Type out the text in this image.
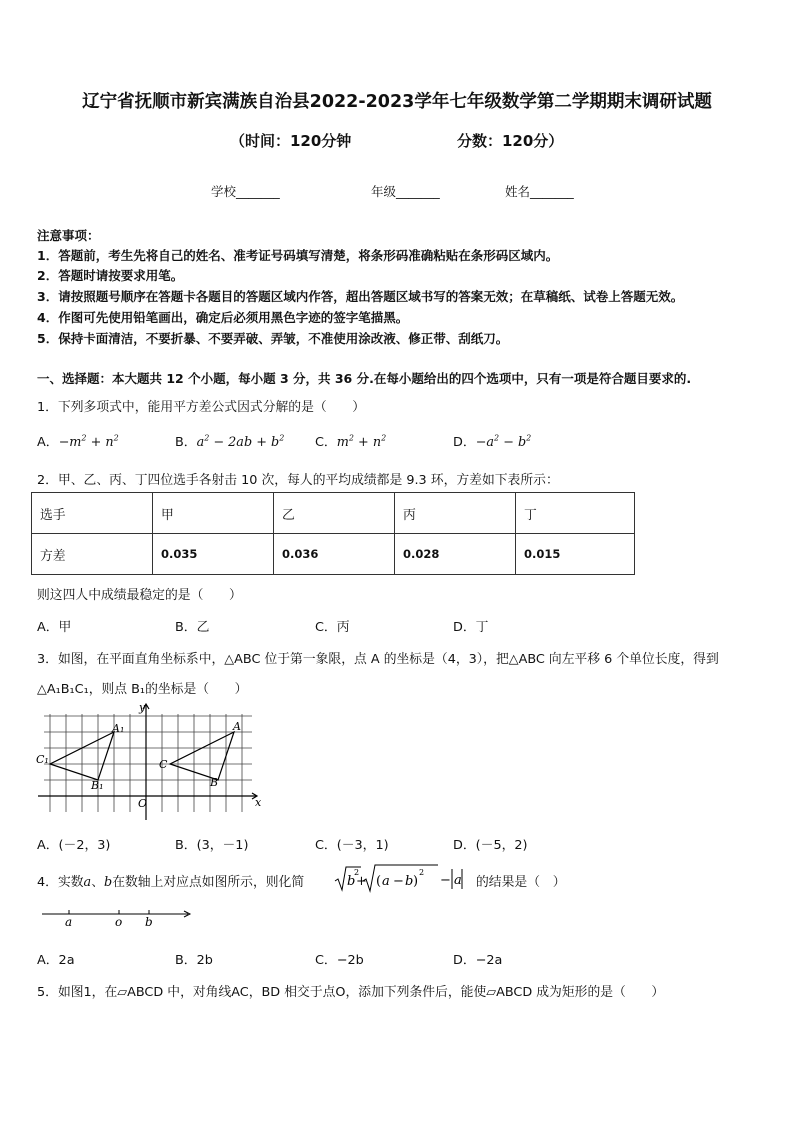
辽宁省抚顺市新宾满族自治县2022-2023学年七年级数学第二学期期末调研试题
（时间：120分钟	分数：120分）
学校_______	年级_______	姓名_______
注意事项：
1．答题前，考生先将自己的姓名、准考证号码填写清楚，将条形码准确粘贴在条形码区域内。
2．答题时请按要求用笔。
3．请按照题号顺序在答题卡各题目的答题区域内作答，超出答题区域书写的答案无效；在草稿纸、试卷上答题无效。
4．作图可先使用铅笔画出，确定后必须用黑色字迹的签字笔描黑。
5．保持卡面清洁，不要折暴、不要弄破、弄皱，不准使用涂改液、修正带、刮纸刀。
一、选择题：本大题共 12 个小题，每小题 3 分，共 36 分.在每小题给出的四个选项中，只有一项是符合题目要求的.
1．下列多项式中，能用平方差公式因式分解的是（　　）
A．$-m^2 + n^2$	B．$a^2 - 2ab + b^2$ C．$m^2 + n^2$	D．$-a^2 - b^2$
2．甲、乙、丙、丁四位选手各射击 10 次，每人的平均成绩都是 9.3 环，方差如下表所示：
选手	甲	乙	丙	丁
方差	0.035	0.036	0.028	0.015
则这四人中成绩最稳定的是（　　）
A．甲	B．乙	C．丙	D．丁
3．如图，在平面直角坐标系中，△ABC 位于第一象限，点 A 的坐标是（4，3），把△ABC 向左平移 6 个单位长度，得到
△A₁B₁C₁，则点 B₁的坐标是（　　）
y
x
O
A
B
C
A₁
B₁
C₁
A．(－2，3)	B．(3，－1)	C．(－3，1)	D．(－5，2)
4．实数a、b在数轴上对应点如图所示，则化简	b
2
( a − b )
2
− a
+	的结果是（　）
a	o b
A．2a	B．2b	C．−2b	D．−2a
5．如图1，在▱ABCD 中，对角线AC，BD 相交于点O，添加下列条件后，能使▱ABCD 成为矩形的是（　　）
